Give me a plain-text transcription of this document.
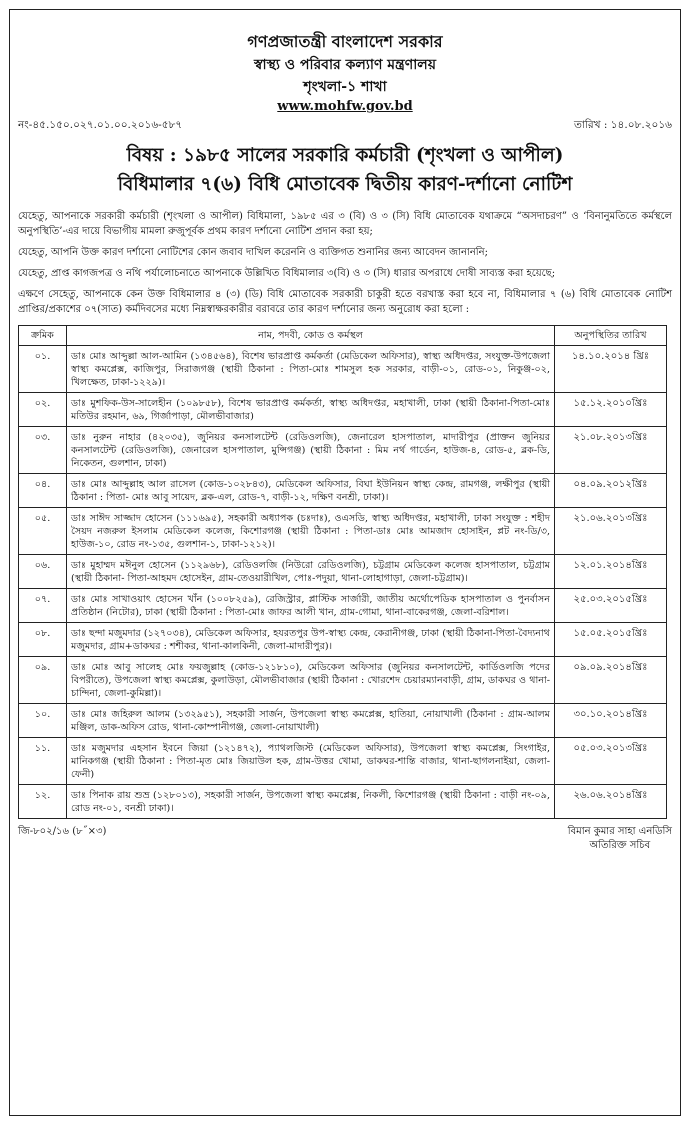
গণপ্রজাতন্ত্রী বাংলাদেশ সরকার
স্বাস্থ্য ও পরিবার কল্যাণ মন্ত্রণালয়
শৃংখলা-১ শাখা
www.mohfw.gov.bd
নং-৪৫.১৫০.০২৭.০১.০০.২০১৬-৫৮৭	তারিখ : ১৪.০৮.২০১৬
বিষয় : ১৯৮৫ সালের সরকারি কর্মচারী (শৃংখলা ও আপীল)
বিধিমালার ৭(৬) বিধি মোতাবেক দ্বিতীয় কারণ-দর্শানো নোটিশ
যেহেতু, আপনাকে সরকারী কর্মচারী (শৃংখলা ও আপীল) বিধিমালা, ১৯৮৫ এর ৩ (বি) ও ৩ (সি) বিধি মোতাবেক যথাক্রমে “অসদাচরণ” ও ‘বিনানুমতিতে কর্মস্থলে অনুপস্থিতি’-এর দায়ে বিভাগীয় মামলা রুজুপূর্বক প্রথম কারণ দর্শানো নোটিশ প্রদান করা হয়;
যেহেতু, আপনি উক্ত কারণ দর্শানো নোটিশের কোন জবাব দাখিল করেননি ও ব্যক্তিগত শুনানির জন্য আবেদন জানাননি;
যেহেতু, প্রাপ্ত কাগজপত্র ও নথি পর্যালোচনাতে আপনাকে উল্লিখিত বিধিমালার ৩(বি) ও ৩ (সি) ধারার অপরাধে দোষী সাব্যস্ত করা হয়েছে;
এক্ষণে সেহেতু, আপনাকে কেন উক্ত বিধিমালার ৪ (৩) (ডি) বিধি মোতাবেক সরকারী চাকুরী হতে বরখাস্ত করা হবে না, বিধিমালার ৭ (৬) বিধি মোতাবেক নোটিশ প্রাপ্তির/প্রকাশের ০৭(সাত) কর্মদিবসের মধ্যে নিম্নস্বাক্ষরকারীর বরাবরে তার কারণ দর্শানোর জন্য অনুরোধ করা হলো :
ক্রমিক	নাম, পদবী, কোড ও কর্মস্থল	অনুপস্থিতির তারিখ
০১.	ডাঃ মোঃ আব্দুল্লা আল-আমিন (১৩৪৫৬৪), বিশেষ ভারপ্রাপ্ত কর্মকর্তা (মেডিকেল অফিসার), স্বাস্থ্য অধিদপ্তর, সংযুক্ত-উপজেলা স্বাস্থ্য কমপ্লেক্স, কাজিপুর, সিরাজগঞ্জ (স্থায়ী ঠিকানা : পিতা-মোঃ শামসুল হক সরকার, বাড়ী-০১, রোড-০১, নিকুঞ্জ-০২, খিলক্ষেত, ঢাকা-১২২৯)।	১৪.১০.২০১৪ খ্রিঃ
০২.	ডাঃ মুশফিক-উস-সালেহীন (১০৯৮৫৮), বিশেষ ভারপ্রাপ্ত কর্মকর্তা, স্বাস্থ্য অধিদপ্তর, মহাখালী, ঢাকা (স্থায়ী ঠিকানা-পিতা-মোঃ মতিউর রহমান, ৬৯, গির্জাপাড়া, মৌলভীবাজার)	১৫.১২.২০১০খ্রিঃ
০৩.	ডাঃ নুরুন নাহার (৪২০৩৫), জুনিয়র কনসালটেন্ট (রেডিওলজি), জেনারেল হাসপাতাল, মাদারীপুর (প্রাক্তন জুনিয়র কনসালটেন্ট (রেডিওলজি), জেনারেল হাসপাতাল, মুন্সিগঞ্জ) (স্থায়ী ঠিকানা : মিম নর্থ গার্ডেন, হাউজ-৪, রোড-৫, ব্লক-ডি, নিকেতন, গুলশান, ঢাকা)	২১.০৮.২০১৩খ্রিঃ
০৪.	ডাঃ মোঃ আব্দুল্লাহ আল রাসেল (কোড-১০২৮৪৩), মেডিকেল অফিসার, বিঘা ইউনিয়ন স্বাস্থ্য কেন্দ্র, রামগঞ্জ, লক্ষীপুর (স্থায়ী ঠিকানা : পিতা- মোঃ আবু সায়েদ, ব্লক-এল, রোড-৭, বাড়ী-১২, দক্ষিণ বনশ্রী, ঢাকা)।	০৪.০৯.২০১২খ্রিঃ
০৫.	ডাঃ সাঈদ সাজ্জাদ হোসেন (১১১৬৯৫), সহকারী অধ্যাপক (চঃদাঃ), ওএসডি, স্বাস্থ্য অধিদপ্তর, মহাখালী, ঢাকা সংযুক্ত : শহীদ সৈয়দ নজরুল ইসলাম মেডিকেল কলেজ, কিশোরগঞ্জ (স্থায়ী ঠিকানা : পিতা-ডাঃ মোঃ আমজাদ হোসাইন, প্লট নং-ডি/৩, হাউজ-১০, রোড নং-১৩৫, গুলশান-১, ঢাকা-১২১২)।	২১.০৬.২০১৩খ্রিঃ
০৬.	ডাঃ মুহাম্মদ মঈনুল হোসেন (১১২৯৬৮), রেডিওলজি (নিউরো রেডিওলজি), চট্টগ্রাম মেডিকেল কলেজ হাসপাতাল, চট্টগ্রাম (স্থায়ী ঠিকানা- পিতা-আহমদ হোসেইন, গ্রাম-তেওয়ারীখিল, পোঃ-পদুয়া, থানা-লোহাগাড়া, জেলা-চট্টগ্রাম)।	১২.০১.২০১৪খ্রিঃ
০৭.	ডাঃ মোঃ সাখাওয়াৎ হোসেন খাঁন (১০০৮২৫৯), রেজিস্ট্রার, প্লাস্টিক সার্জারী, জাতীয় অর্থোপেডিক হাসপাতাল ও পুনর্বাসন প্রতিষ্ঠান (নিটোর), ঢাকা (স্থায়ী ঠিকানা : পিতা-মোঃ জাফর আলী খান, গ্রাম-গোমা, থানা-বাকেরগঞ্জ, জেলা-বরিশাল।	২৫.০৩.২০১৫খ্রিঃ
০৮.	ডাঃ ছন্দা মজুমদার (১২৭০৩৪), মেডিকেল অফিসার, হযরতপুর উপ-স্বাস্থ্য কেন্দ্র, কেরানীগঞ্জ, ঢাকা (স্থায়ী ঠিকানা-পিতা-বৈদ্যনাথ মজুমদার, গ্রাম+ডাকঘর : শশীকর, থানা-কালকিনী, জেলা-মাদারীপুর)।	১৫.০৫.২০১৫খ্রিঃ
০৯.	ডাঃ মোঃ আবু সালেহ মোঃ ফয়জুল্লাহ (কোড-১২১৮১০), মেডিকেল অফিসার (জুনিয়র কনসালটেন্ট, কার্ডিওলজি পদের বিপরীতে), উপজেলা স্বাস্থ্য কমপ্লেক্স, কুলাউড়া, মৌলভীবাজার (স্থায়ী ঠিকানা : খোরশেদ চেয়ারম্যানবাড়ী, গ্রাম, ডাকঘর ও থানা-চান্দিনা, জেলা-কুমিল্লা)।	০৯.০৯.২০১৪খ্রিঃ
১০.	ডাঃ মোঃ জহিরুল আলম (১৩২৯৫১), সহকারী সার্জন, উপজেলা স্বাস্থ্য কমপ্লেক্স, হাতিয়া, নোয়াখালী (ঠিকানা : গ্রাম-আলম মঞ্জিল, ডাক-অফিস রোড, থানা-কোম্পানীগঞ্জ, জেলা-নোয়াখালী)	৩০.১০.২০১৪খ্রিঃ
১১.	ডাঃ মজুমদার এহসান ইবনে জিয়া (১২১৪৭২), প্যাথলজিস্ট (মেডিকেল অফিসার), উপজেলা স্বাস্থ্য কমপ্লেক্স, সিংগাইর, মানিকগঞ্জ (স্থায়ী ঠিকানা : পিতা-মৃত মোঃ জিয়াউল হক, গ্রাম-উত্তর খোমা, ডাকঘর-শান্তি বাজার, থানা-ছাগলনাইয়া, জেলা-ফেনী)	০৫.০৩.২০১৩খ্রিঃ
১২.	ডাঃ পিনাক রায় শুভ্র (১২৮০১৩), সহকারী সার্জন, উপজেলা স্বাস্থ্য কমপ্লেক্স, নিকলী, কিশোরগঞ্জ (স্থায়ী ঠিকানা : বাড়ী নং-০৯, রোড নং-০১, বনশ্রী ঢাকা)।	২৬.০৬.২০১৪খ্রিঃ
জি-৮০২/১৬ (৮˝×৩)	বিমান কুমার সাহা এনডিসি
অতিরিক্ত সচিব
